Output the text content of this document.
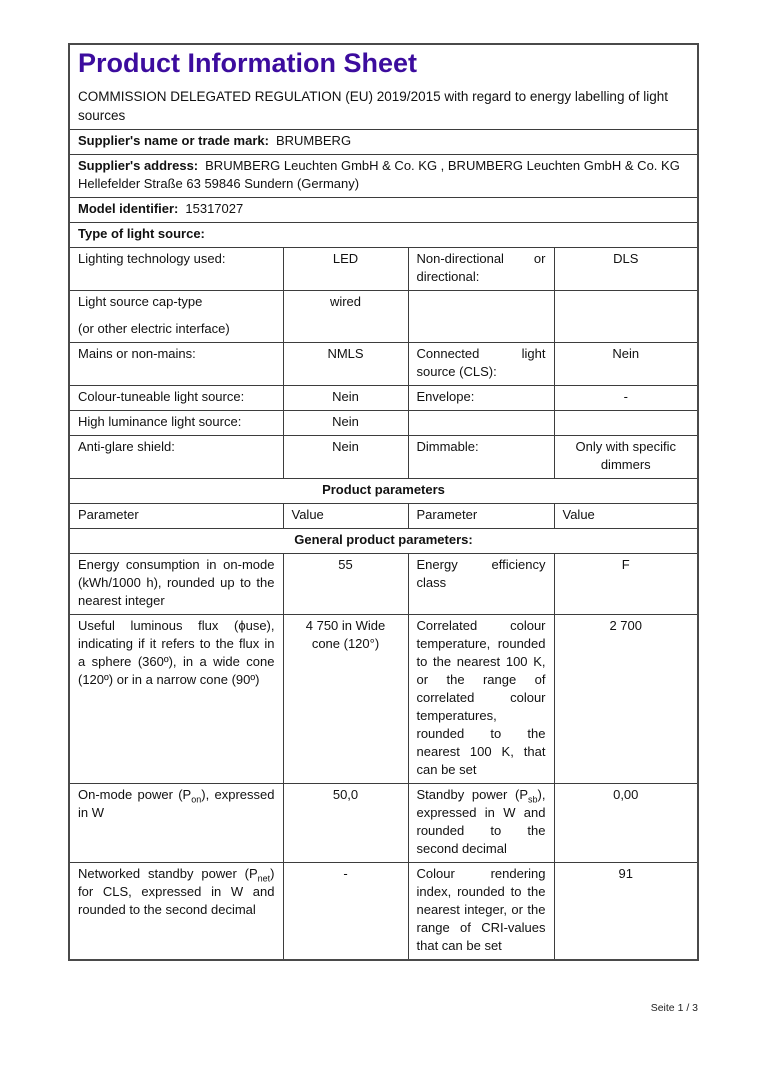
Product Information Sheet
COMMISSION DELEGATED REGULATION (EU) 2019/2015 with regard to energy labelling of light sources			

Supplier's name or trade mark: BRUMBERG			
Supplier's address: BRUMBERG Leuchten GmbH & Co. KG , BRUMBERG Leuchten GmbH & Co. KG Hellefelder Straße 63 59846 Sundern (Germany)			
Model identifier: 15317027			
Type of light source:			
Lighting technology used:	LED	Non-directional or directional:	DLS

Light source cap-type
(or other electric interface)	wired		
Mains or non-mains:	NMLS	Connected light source (CLS):	Nein
Colour-tuneable light source:	Nein	Envelope:	-
High luminance light source:	Nein		
Anti-glare shield:	Nein	Dimmable:	Only with specific dimmers
Product parameters			
Parameter	Value	Parameter	Value
General product parameters:			
Energy consumption in on-mode (kWh/1000 h), rounded up to the nearest integer	55	Energy efficiency class	F
Useful luminous flux (ϕuse), indicating if it refers to the flux in a sphere (360º), in a wide cone (120º) or in a narrow cone (90º)	4 750 in Wide cone (120°)	Correlated colour temperature, rounded to the nearest 100 K, or the range of correlated colour temperatures, rounded to the nearest 100 K, that can be set	2 700
On-mode power $(P_{on})$, expressed in W	50,0	Standby power $(P_{sb})$, expressed in W and rounded to the second decimal	0,00
Networked standby power $(P_{net})$ for CLS, expressed in W and rounded to the second decimal	-	Colour rendering index, rounded to the nearest integer, or the range of CRI-values that can be set	91
Seite 1 / 3
